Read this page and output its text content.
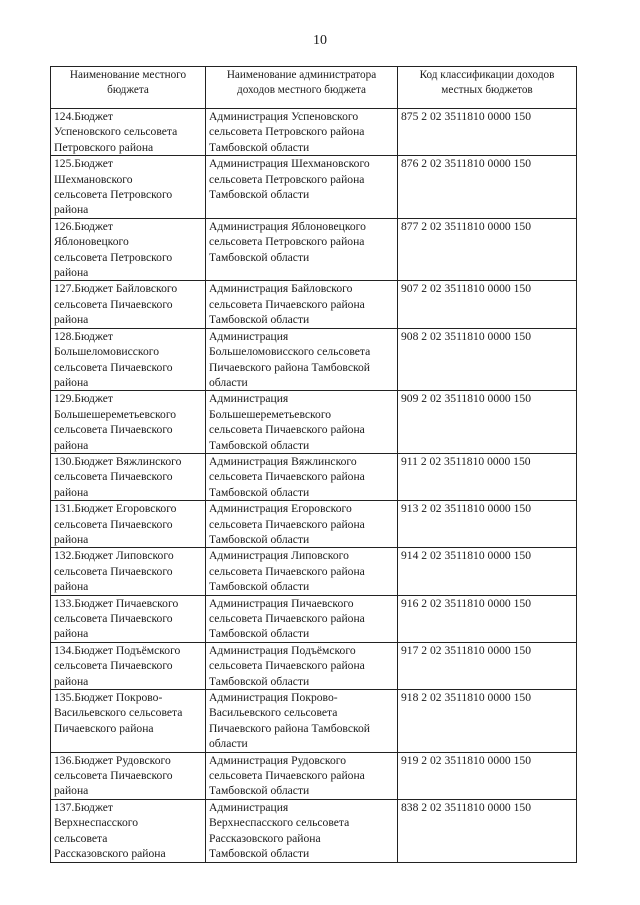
10
Наименование местного бюджета	Наименование администратора доходов местного бюджета	Код классификации доходов местных бюджетов

124.Бюджет
Успеновского сельсовета
Петровского района	Администрация Успеновского
сельсовета Петровского района
Тамбовской области	875 2 02 3511810 0000 150

125.Бюджет
Шехмановского
сельсовета Петровского
района	Администрация Шехмановского
сельсовета Петровского района
Тамбовской области	876 2 02 3511810 0000 150

126.Бюджет
Яблоновецкого
сельсовета Петровского
района	Администрация Яблоновецкого
сельсовета Петровского района
Тамбовской области	877 2 02 3511810 0000 150

127.Бюджет Байловского
сельсовета Пичаевского
района	Администрация Байловского
сельсовета Пичаевского района
Тамбовской области	907 2 02 3511810 0000 150

128.Бюджет
Большеломовисского
сельсовета Пичаевского
района	Администрация
Большеломовисского сельсовета
Пичаевского района Тамбовской
области	908 2 02 3511810 0000 150

129.Бюджет
Большешереметьевского
сельсовета Пичаевского
района	Администрация
Большешереметьевского
сельсовета Пичаевского района
Тамбовской области	909 2 02 3511810 0000 150

130.Бюджет Вяжлинского
сельсовета Пичаевского
района	Администрация Вяжлинского
сельсовета Пичаевского района
Тамбовской области	911 2 02 3511810 0000 150

131.Бюджет Егоровского
сельсовета Пичаевского
района	Администрация Егоровского
сельсовета Пичаевского района
Тамбовской области	913 2 02 3511810 0000 150

132.Бюджет Липовского
сельсовета Пичаевского
района	Администрация Липовского
сельсовета Пичаевского района
Тамбовской области	914 2 02 3511810 0000 150

133.Бюджет Пичаевского
сельсовета Пичаевского
района	Администрация Пичаевского
сельсовета Пичаевского района
Тамбовской области	916 2 02 3511810 0000 150

134.Бюджет Подъёмского
сельсовета Пичаевского
района	Администрация Подъёмского
сельсовета Пичаевского района
Тамбовской области	917 2 02 3511810 0000 150

135.Бюджет Покрово-
Васильевского сельсовета
Пичаевского района	Администрация Покрово-
Васильевского сельсовета
Пичаевского района Тамбовской
области	918 2 02 3511810 0000 150

136.Бюджет Рудовского
сельсовета Пичаевского
района	Администрация Рудовского
сельсовета Пичаевского района
Тамбовской области	919 2 02 3511810 0000 150

137.Бюджет
Верхнеспасского
сельсовета
Рассказовского района	Администрация
Верхнеспасского сельсовета
Рассказовского района
Тамбовской области	838 2 02 3511810 0000 150
